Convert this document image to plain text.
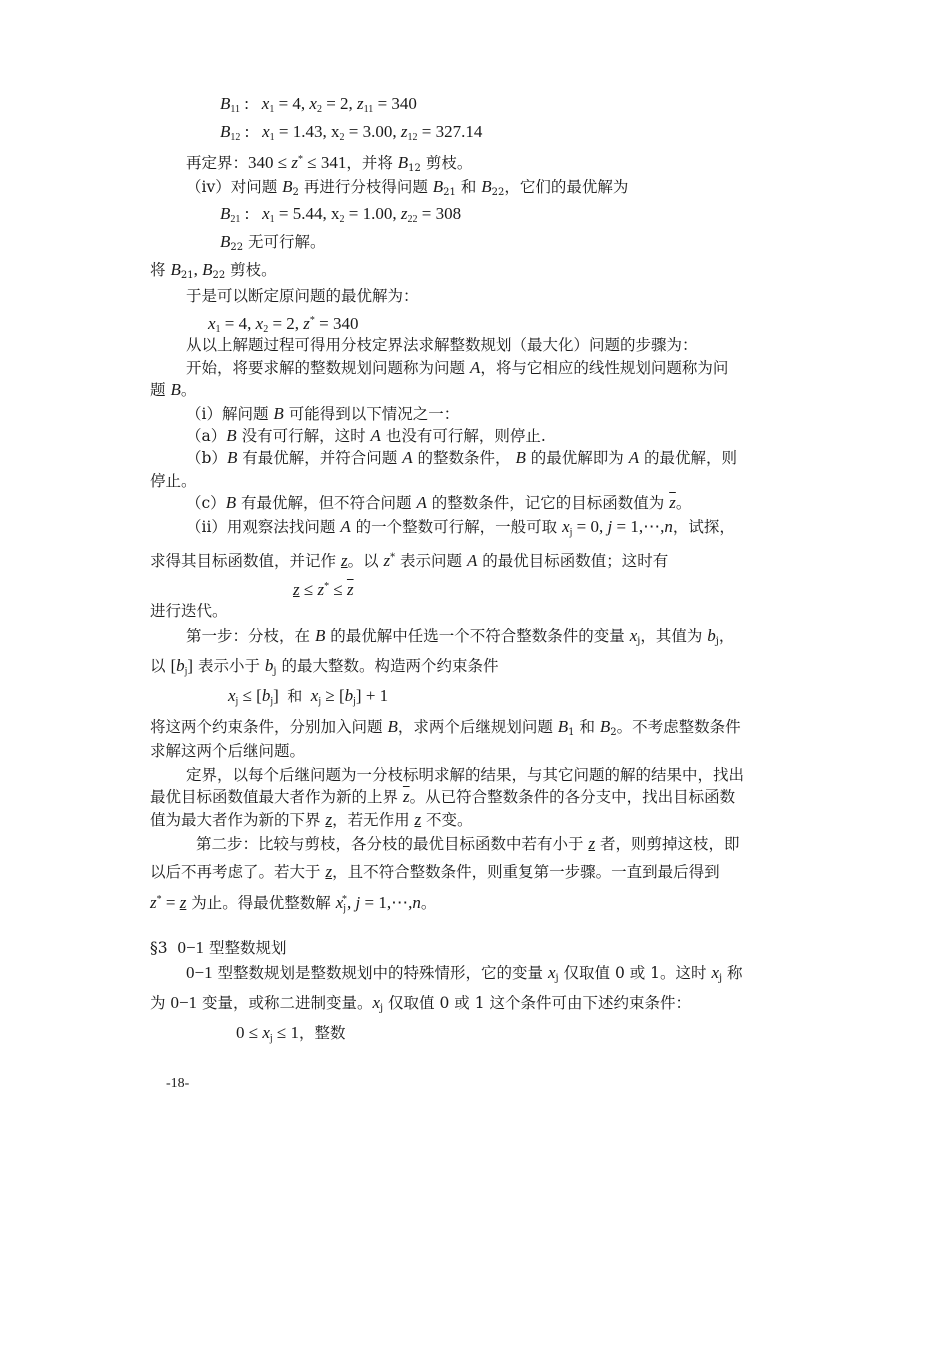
$B_{11}$ :   $x_1 = 4$, $x_2 = 2$, $z_{11} = 340$
$B_{12}$ :   $x_1 = 1.43$, $x_2 = 3.00$, $z_{12} = 327.14$
再定界：340 ≤ z* ≤ 341，并将 $B_{12}$ 剪枝。
（iv）对问题 $B_2$ 再进行分枝得问题 $B_{21}$ 和 $B_{22}$，它们的最优解为
$B_{21}$ :   $x_1 = 5.44$, $x_2 = 1.00$, $z_{22} = 308$
$B_{22}$ 无可行解。
将 $B_{21}$, $B_{22}$ 剪枝。
于是可以断定原问题的最优解为：
$x_1 = 4$, $x_2 = 2$, z* = 340
从以上解题过程可得用分枝定界法求解整数规划（最大化）问题的步骤为：
开始，将要求解的整数规划问题称为问题 A，将与它相应的线性规划问题称为问
题 B。
（i）解问题 B 可能得到以下情况之一：
（a）B 没有可行解，这时 A 也没有可行解，则停止.
（b）B 有最优解，并符合问题 A 的整数条件， B 的最优解即为 A 的最优解，则
停止。
（c）B 有最优解，但不符合问题 A 的整数条件，记它的目标函数值为 $\overline{z}$。
（ii）用观察法找问题 A 的一个整数可行解，一般可取 $x_j = 0$, j = 1,⋯,n，试探，
求得其目标函数值，并记作 z。以 z* 表示问题 A 的最优目标函数值；这时有
$z \le z^* \le \overline{z}$
进行迭代。
第一步：分枝，在 B 的最优解中任选一个不符合整数条件的变量 $x_j$，其值为 $b_j$，
以 $[b_j]$ 表示小于 $b_j$ 的最大整数。构造两个约束条件
$x_j \le [b_j]$  和 $x_j \ge [b_j] + 1$
将这两个约束条件，分别加入问题 B，求两个后继规划问题 $B_1$ 和 $B_2$。不考虑整数条件
求解这两个后继问题。
定界，以每个后继问题为一分枝标明求解的结果，与其它问题的解的结果中，找出
最优目标函数值最大者作为新的上界 $\overline{z}$。从已符合整数条件的各分支中，找出目标函数
值为最大者作为新的下界 z，若无作用 z 不变。
第二步：比较与剪枝，各分枝的最优目标函数中若有小于 z 者，则剪掉这枝，即
以后不再考虑了。若大于 z，且不符合整数条件，则重复第一步骤。一直到最后得到
z* = z 为止。得最优整数解 $x_j^*$, j = 1,⋯,n。
§3  0−1 型整数规划
0−1 型整数规划是整数规划中的特殊情形，它的变量 $x_j$ 仅取值 0 或 1。这时 $x_j$ 称
为 0−1 变量，或称二进制变量。$x_j$ 仅取值 0 或 1 这个条件可由下述约束条件：
$0 \le x_j \le 1$，整数
-18-
